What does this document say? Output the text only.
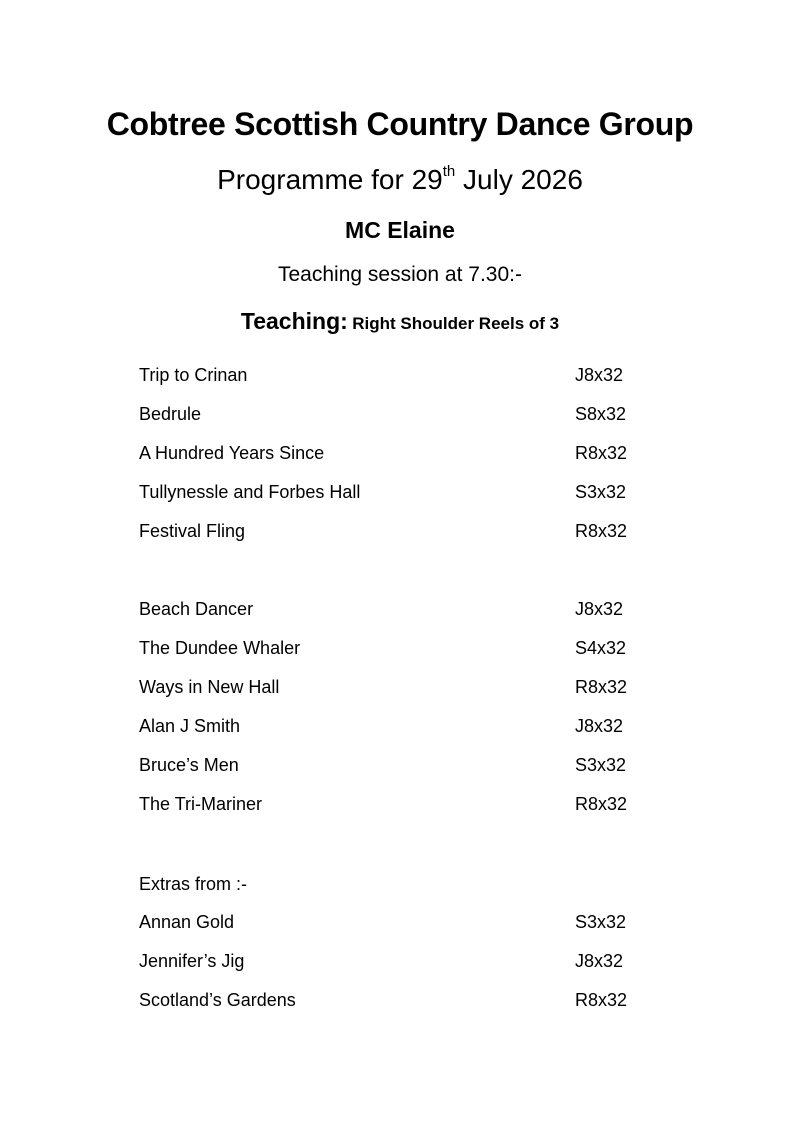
Cobtree Scottish Country Dance Group
Programme for 29th July 2026
MC Elaine
Teaching session at 7.30:-
Teaching: Right Shoulder Reels of 3
Trip to Crinan	J8x32
Bedrule	S8x32
A Hundred Years Since	R8x32
Tullynessle and Forbes Hall	S3x32
Festival Fling	R8x32
Beach Dancer	J8x32
The Dundee Whaler	S4x32
Ways in New Hall	R8x32
Alan J Smith	J8x32
Bruce’s Men	S3x32
The Tri-Mariner	R8x32
Extras from :-
Annan Gold	S3x32
Jennifer’s Jig	J8x32
Scotland’s Gardens	R8x32
